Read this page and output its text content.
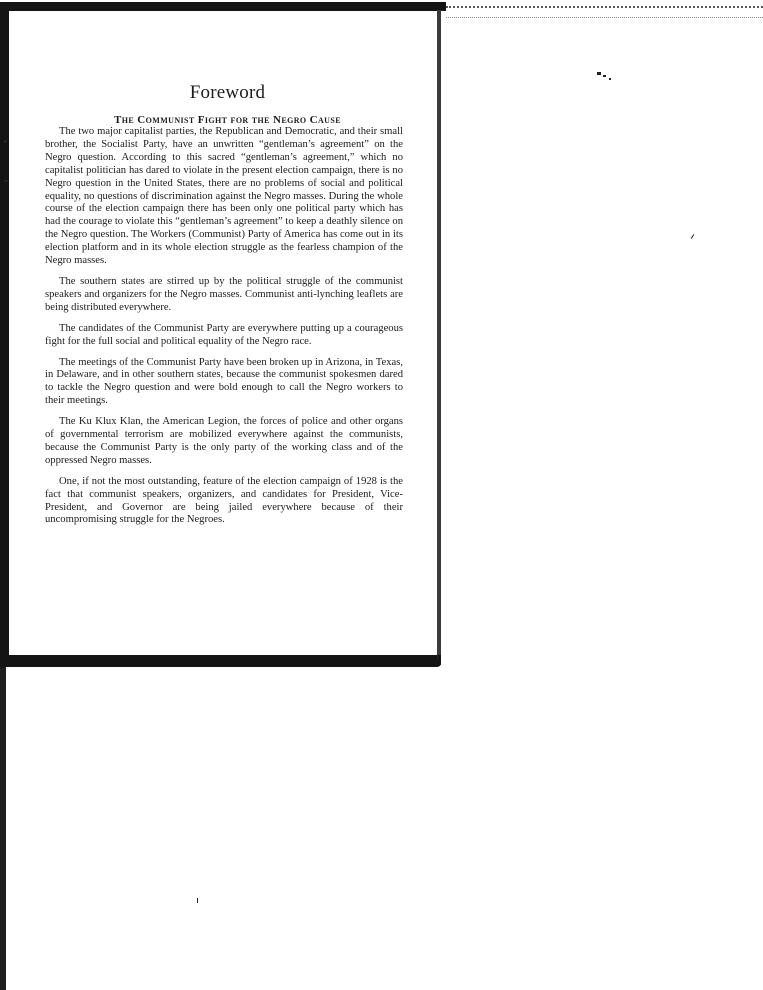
Foreword
The Communist Fight for the Negro Cause

The two major capitalist parties, the Republican and Democratic, and their small brother, the Socialist Party, have an unwritten “gentleman’s agreement” on the Negro question. According to this sacred “gentleman’s agreement,” which no capitalist politician has dared to violate in the present election campaign, there is no Negro question in the United States, there are no problems of social and political equality, no questions of discrimination against the Negro masses. During the whole course of the election campaign there has been only one political party which has had the courage to violate this “gentleman’s agreement” to keep a deathly silence on the Negro question. The Workers (Communist) Party of America has come out in its election platform and in its whole election struggle as the fearless champion of the Negro masses.

The southern states are stirred up by the political struggle of the communist speakers and organizers for the Negro masses. Communist anti-lynching leaflets are being distributed everywhere.

The candidates of the Communist Party are everywhere putting up a courageous fight for the full social and political equality of the Negro race.

The meetings of the Communist Party have been broken up in Arizona, in Texas, in Delaware, and in other southern states, because the communist spokesmen dared to tackle the Negro question and were bold enough to call the Negro workers to their meetings.

The Ku Klux Klan, the American Legion, the forces of police and other organs of governmental terrorism are mobilized everywhere against the communists, because the Communist Party is the only party of the working class and of the oppressed Negro masses.

One, if not the most outstanding, feature of the election campaign of 1928 is the fact that communist speakers, organizers, and candidates for President, Vice-President, and Governor are being jailed everywhere because of their uncompromising struggle for the Negroes.
